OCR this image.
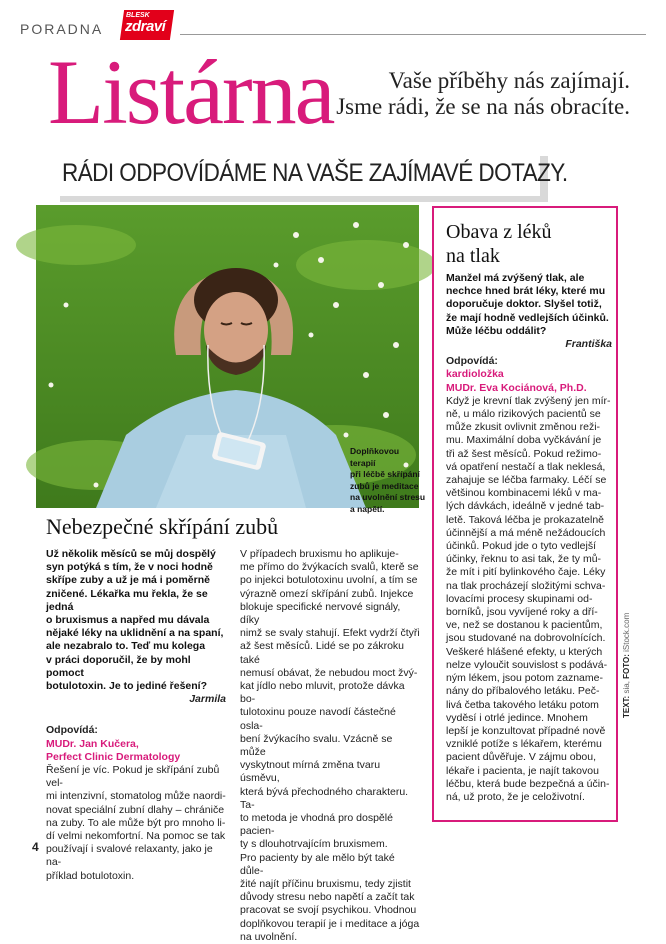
PORADNA
BLESK
zdraví
Listárna	Vaše příběhy nás zajímají.
Jsme rádi, že se na nás obracíte.
RÁDI ODPOVÍDÁME NA VAŠE ZAJÍMAVÉ DOTAZY.
Doplňkovou terapií
při léčbě skřípání
zubů je meditace
na uvolnění stresu
a napětí.
Nebezpečné skřípání zubů

Už několik měsíců se můj dospělý

syn potýká s tím, že v noci hodně

skřípe zuby a už je má i poměrně

zničené. Lékařka mu řekla, že se jedná

o bruxismus a napřed mu dávala

nějaké léky na uklidnění a na spaní,

ale nezabralo to. Teď mu kolega

v práci doporučil, že by mohl pomoct

botulotoxin. Je to jediné řešení?

Jarmila

Odpovídá:

MUDr. Jan Kučera,

Perfect Clinic Dermatology

Řešení je víc. Pokud je skřípání zubů vel-

mi intenzivní, stomatolog může naordi-

novat speciální zubní dlahy – chrániče

na zuby. To ale může být pro mnoho li-

dí velmi nekomfortní. Na pomoc se tak

používají i svalové relaxanty, jako je na-

příklad botulotoxin.

V případech bruxismu ho aplikuje-

me přímo do žvýkacích svalů, kterě se

po injekci botulotoxinu uvolní, a tím se

výrazně omezí skřípání zubů. Injekce

blokuje specifické nervové signály, díky

nimž se svaly stahují. Efekt vydrží čtyři

až šest měsíců. Lidé se po zákroku také

nemusí obávat, že nebudou moct žvý-

kat jídlo nebo mluvit, protože dávka bo-

tulotoxinu pouze navodí částečné osla-

bení žvýkacího svalu. Vzácně se může

vyskytnout mírná změna tvaru úsměvu,

která bývá přechodného charakteru. Ta-

to metoda je vhodná pro dospělé pacien-

ty s dlouhotrvajícím bruxismem.

Pro pacienty by ale mělo být také důle-

žité najít příčinu bruxismu, tedy zjistit

důvody stresu nebo napětí a začít tak

pracovat se svojí psychikou. Vhodnou

doplňkovou terapií je i meditace a jóga

na uvolnění.

Obava z léků
na tlak

Manžel má zvýšený tlak, ale

nechce hned brát léky, které mu

doporučuje doktor. Slyšel totiž,

že mají hodně vedlejších účinků.

Může léčbu oddálit?

Františka

Odpovídá:

kardioložka

MUDr. Eva Kociánová, Ph.D.

Když je krevní tlak zvýšený jen mír-

ně, u málo rizikových pacientů se

může zkusit ovlivnit změnou reži-

mu. Maximální doba vyčkávání je

tři až šest měsíců. Pokud režimo-

vá opatření nestačí a tlak neklesá,

zahajuje se léčba farmaky. Léčí se

většinou kombinacemi léků v ma-

lých dávkách, ideálně v jedné tab-

letě. Taková léčba je prokazatelně

účinnější a má méně nežádoucích

účinků. Pokud jde o tyto vedlejší

účinky, řeknu to asi tak, že ty mů-

že mít i pití bylinkového čaje. Léky

na tlak procházejí složitými schva-

lovacími procesy skupinami od-

borníků, jsou vyvíjené roky a dří-

ve, než se dostanou k pacientům,

jsou studované na dobrovolnících.

Veškeré hlášené efekty, u kterých

nelze vyloučit souvislost s podává-

ným lékem, jsou potom zazname-

nány do příbalového letáku. Peč-

livá četba takového letáku potom

vyděsí i otrlé jedince. Mnohem

lepší je konzultovat případné nově

vzniklé potíže s lékařem, kterému

pacient důvěřuje. V zájmu obou,

lékaře i pacienta, je najít takovou

léčbu, která bude bezpečná a účin-

ná, už proto, že je celoživotní.

TEXT: sia, FOTO: iStock.com
4
